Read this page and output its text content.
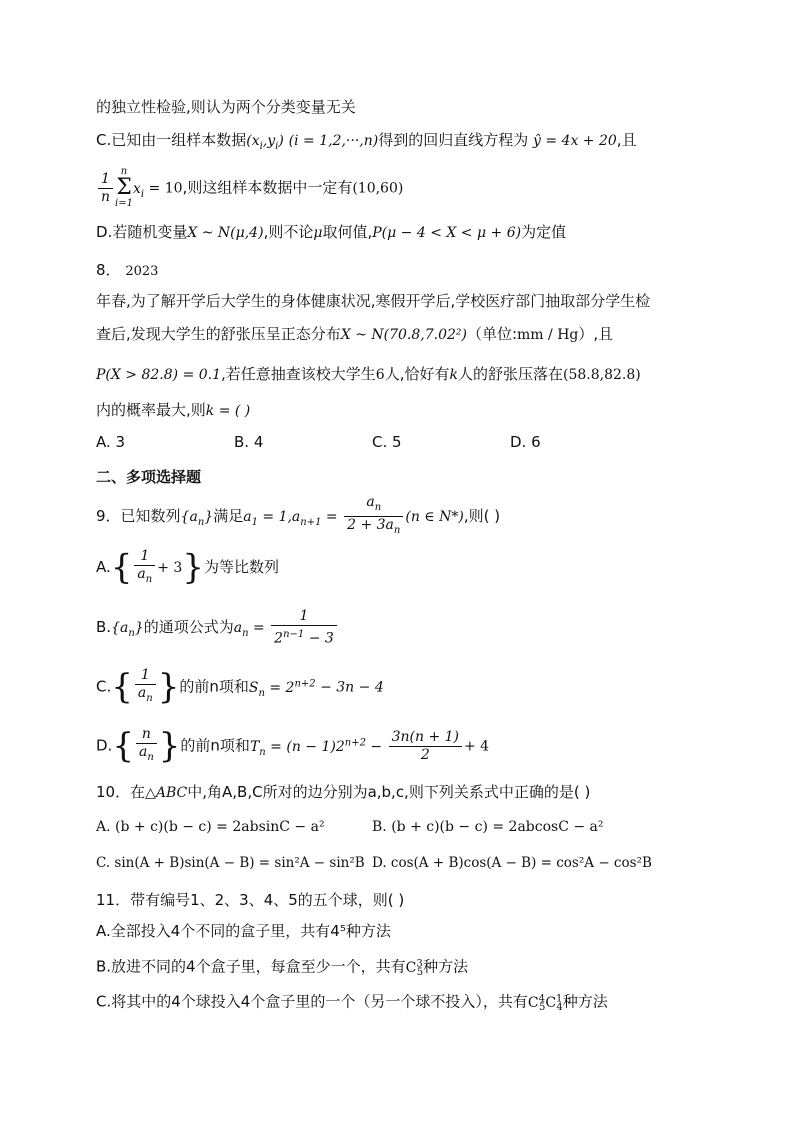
的独立性检验,则认为两个分类变量无关
C.已知由一组样本数据$(x_i,y_i) (i = 1,2,\cdot\cdot\cdot,n)$得到的回归直线方程为 ŷ = 4x + 20,且
$\frac{1}{n}$ n
Σ
i=1
$x_i = 10$,则这组样本数据中一定有(10,60)
D.若随机变量X ~ N(μ,4),则不论μ取何值,P(μ − 4 < X < μ + 6)为定值
8． 2023
年春,为了解开学后大学生的身体健康状况,寒假开学后,学校医疗部门抽取部分学生检
查后,发现大学生的舒张压呈正态分布X ~ N(70.8,7.02²)（单位:mm / Hg）,且
P(X > 82.8) = 0.1,若任意抽查该校大学生6人,恰好有k人的舒张压落在(58.8,82.8)
内的概率最大,则k = ( )
A. 3	B. 4	C. 5	D. 6
二、多项选择题
9．已知数列$\{a_n\}$满足$a_1 = 1,a_{n+1} = \frac{a_n}{2 + 3a_n} (n$ ∈ N*),则( )
$A.\{ \frac{1}{a_n} + 3\}$为等比数列
$B.\{a_n\}$的通项公式为$a_n = \frac{1}{2^{n-1} - 3}$
$C.\{ \frac{1}{a_n}$ }的前n项和$S_n = 2^{n+2} - 3n - 4$
$D.\{ \frac{n}{a_n}$ }的前n项和$T_n = (n - 1)2^{n+2} - \frac{3n(n + 1)}{2} + 4$
10．在△ABC中,角A,B,C所对的边分别为a,b,c,则下列关系式中正确的是( )
A. (b + c)(b − c) = 2absinC − a²	B. (b + c)(b − c) = 2abcosC − a²
C. sin(A + B)sin(A − B) = sin²A − sin²B D. cos(A + B)cos(A − B) = cos²A − cos²B
11．带有编号1、2、3、4、5的五个球，则( )
A.全部投入4个不同的盒子里，共有4⁵种方法
B.放进不同的4个盒子里，每盒至少一个，共有$C^3_5$种方法
C.将其中的4个球投入4个盒子里的一个（另一个球不投入），共有$C^4_5C^1_4$种方法
